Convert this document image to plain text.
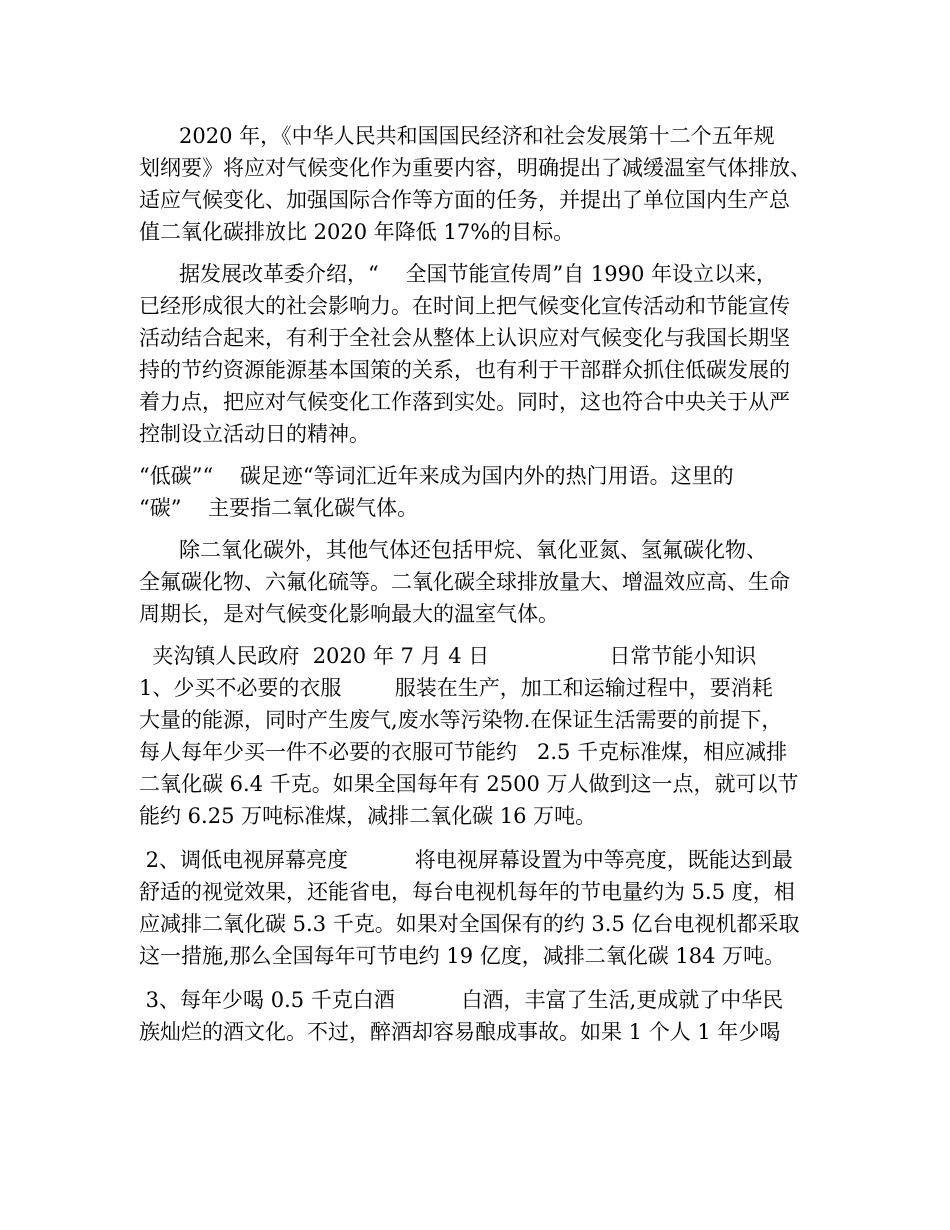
2020 年，《中华人民共和国国民经济和社会发展第十二个五年规
划纲要》将应对气候变化作为重要内容，明确提出了减缓温室气体排放、
适应气候变化、加强国际合作等方面的任务，并提出了单位国内生产总
值二氧化碳排放比 2020 年降低 17%的目标。
据发展改革委介绍，“    全国节能宣传周”自 1990 年设立以来，
已经形成很大的社会影响力。在时间上把气候变化宣传活动和节能宣传
活动结合起来，有利于全社会从整体上认识应对气候变化与我国长期坚
持的节约资源能源基本国策的关系，也有利于干部群众抓住低碳发展的
着力点，把应对气候变化工作落到实处。同时，这也符合中央关于从严
控制设立活动日的精神。
“低碳”“    碳足迹“等词汇近年来成为国内外的热门用语。这里的
“碳”    主要指二氧化碳气体。
除二氧化碳外，其他气体还包括甲烷、氧化亚氮、氢氟碳化物、
全氟碳化物、六氟化硫等。二氧化碳全球排放量大、增温效应高、生命
周期长，是对气候变化影响最大的温室气体。
夹沟镇人民政府  2020 年 7 月 4 日                  日常节能小知识
1、少买不必要的衣服        服装在生产，加工和运输过程中，要消耗
大量的能源，同时产生废气,废水等污染物.在保证生活需要的前提下，
每人每年少买一件不必要的衣服可节能约   2.5 千克标准煤，相应减排
二氧化碳 6.4 千克。如果全国每年有 2500 万人做到这一点，就可以节
能约 6.25 万吨标准煤，减排二氧化碳 16 万吨。
2、调低电视屏幕亮度          将电视屏幕设置为中等亮度，既能达到最
舒适的视觉效果，还能省电，每台电视机每年的节电量约为 5.5 度，相
应减排二氧化碳 5.3 千克。如果对全国保有的约 3.5 亿台电视机都采取
这一措施,那么全国每年可节电约 19 亿度，减排二氧化碳 184 万吨。
3、每年少喝 0.5 千克白酒          白酒，丰富了生活,更成就了中华民
族灿烂的酒文化。不过，醉酒却容易酿成事故。如果 1 个人 1 年少喝
